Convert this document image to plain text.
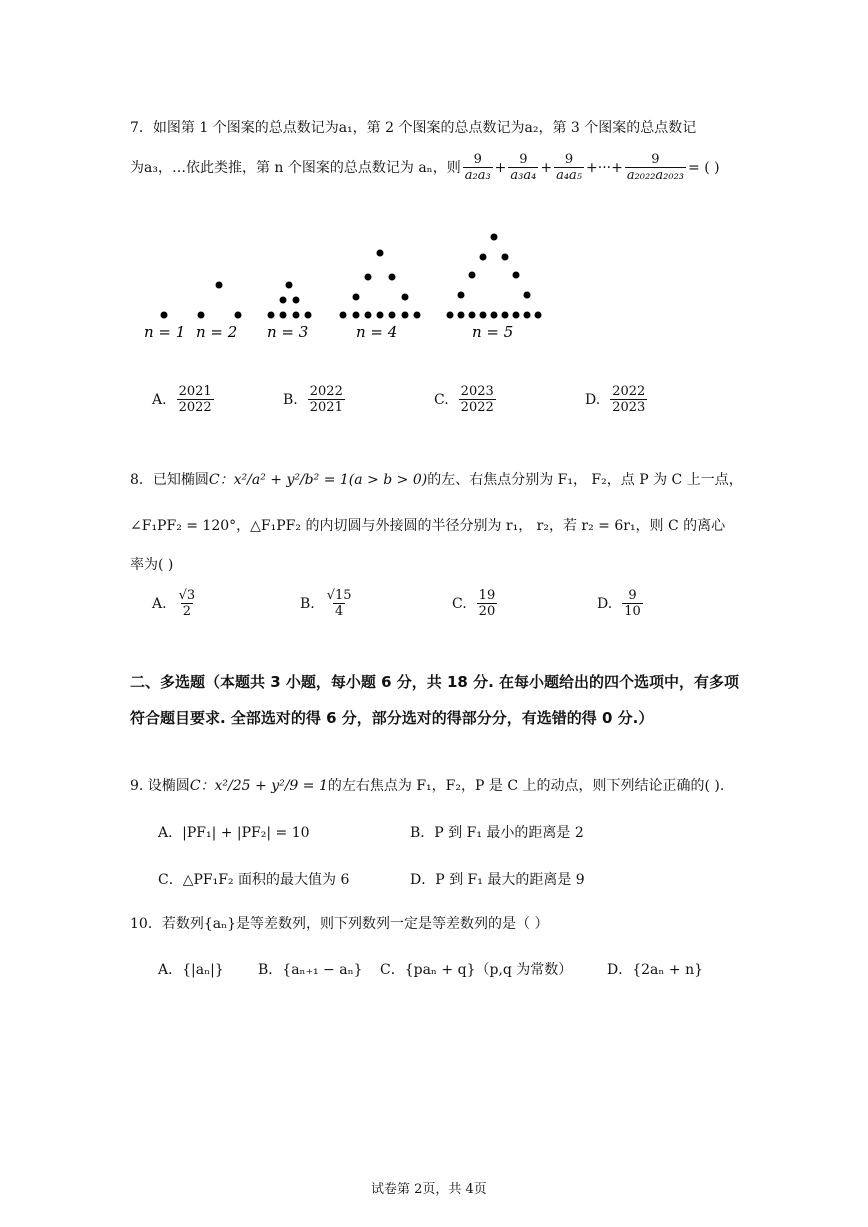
7．如图第 1 个图案的总点数记为a₁，第 2 个图案的总点数记为a₂，第 3 个图案的总点数记
为a₃，…依此类推，第 n 个图案的总点数记为 aₙ，则 $\frac{9}{\text{a₂a₃}} + \frac{9}{\text{a₃a₄}} + \frac{9}{\text{a₄a₅}}$ +···+ $\frac{9}{\text{a₂₀₂₂a₂₀₂₃}}$ = ( )
n = 1 n = 2 n = 3	n = 4	n = 5
A. $\frac{2021}{2022}$	B. $\frac{2022}{2021}$	C. $\frac{2023}{2022}$	D. $\frac{2022}{2023}$
8．已知椭圆C：x²/a² + y²/b² = 1(a > b > 0)的左、右焦点分别为 F₁， F₂，点 P 为 C 上一点，
∠F₁PF₂ = 120°，△F₁PF₂ 的内切圆与外接圆的半径分别为 r₁， r₂，若 r₂ = 6r₁，则 C 的离心
率为( )
A. $\frac{√3}{2}$	B. $\frac{√15}{4}$	C. $\frac{19}{20}$	D. $\frac{9}{10}$
二、多选题（本题共 3 小题，每小题 6 分，共 18 分. 在每小题给出的四个选项中，有多项符合题目要求. 全部选对的得 6 分，部分选对的得部分分，有选错的得 0 分.）
9. 设椭圆C：x²/25 + y²/9 = 1的左右焦点为 F₁，F₂，P 是 C 上的动点，则下列结论正确的( ).
A．|PF₁| + |PF₂| = 10	B．P 到 F₁ 最小的距离是 2
C．△PF₁F₂ 面积的最大值为 6	D．P 到 F₁ 最大的距离是 9
10．若数列{aₙ}是等差数列，则下列数列一定是等差数列的是（ ）
A．{|aₙ|} B．{aₙ₊₁ − aₙ} C．{paₙ + q}（p,q 为常数） D．{2aₙ + n}
试卷第 2页，共 4页
